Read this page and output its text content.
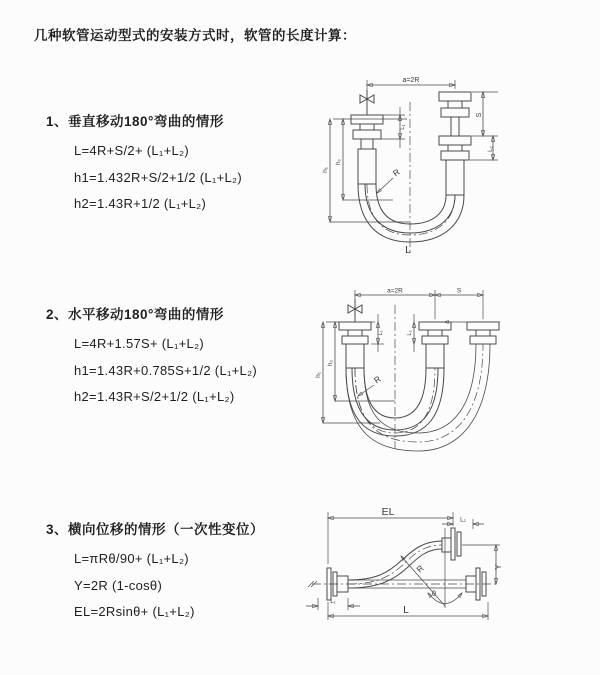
几种软管运动型式的安装方式时，软管的长度计算：
1、垂直移动180°弯曲的情形
L=4R+S/2+ (L₁+L₂)
h1=1.432R+S/2+1/2 (L₁+L₂)
h2=1.43R+1/2 (L₁+L₂)
2、水平移动180°弯曲的情形
L=4R+1.57S+ (L₁+L₂)
h1=1.43R+0.785S+1/2 (L₁+L₂)
h2=1.43R+S/2+1/2 (L₁+L₂)
3、横向位移的情形（一次性变位）
L=πRθ/90+ (L₁+L₂)
Y=2R (1-cosθ)
EL=2Rsinθ+ (L₁+L₂)
a=2R
h₁
h₂
L₁
S
L₂
R
L
a=2R	S
h₁
h₂
L₁	L₂
R
EL
L₂
Y
θ
R
L₁
L
